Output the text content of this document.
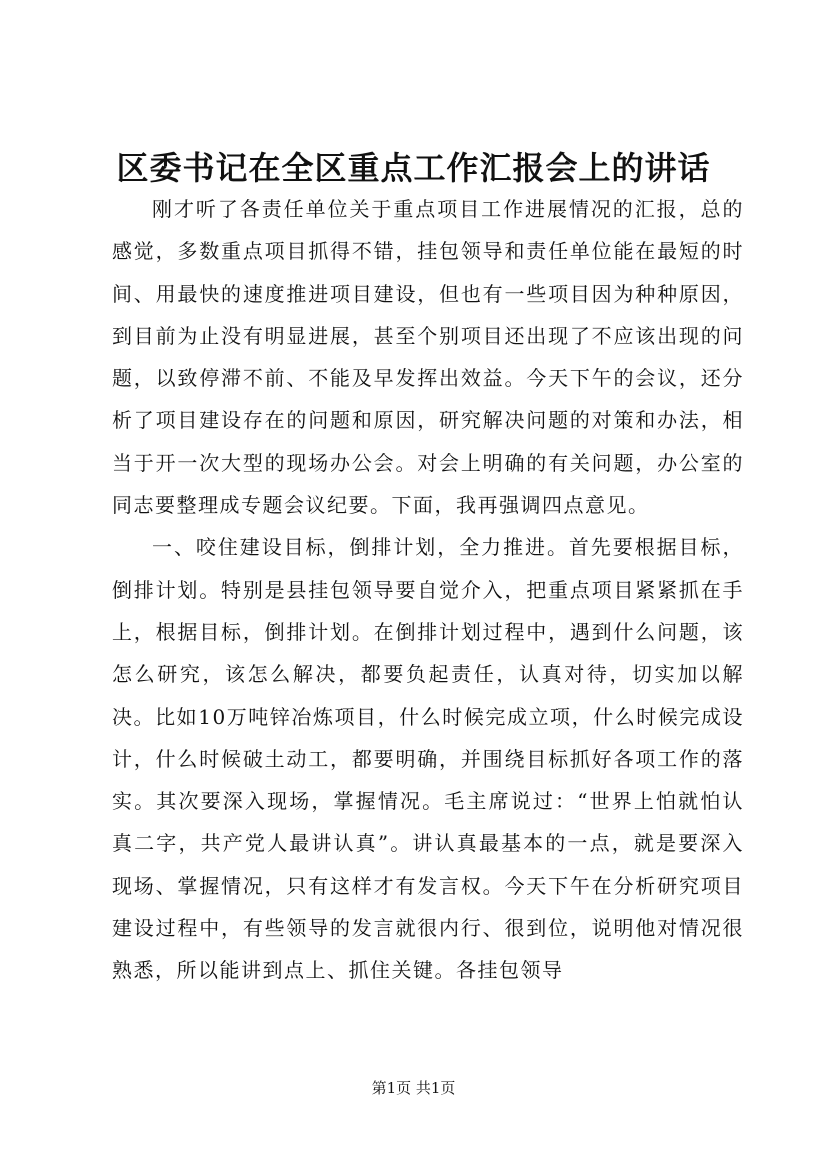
区委书记在全区重点工作汇报会上的讲话

刚才听了各责任单位关于重点项目工作进展情况的汇报，总的感觉，多数重点项目抓得不错，挂包领导和责任单位能在最短的时间、用最快的速度推进项目建设，但也有一些项目因为种种原因，到目前为止没有明显进展，甚至个别项目还出现了不应该出现的问题，以致停滞不前、不能及早发挥出效益。今天下午的会议，还分析了项目建设存在的问题和原因，研究解决问题的对策和办法，相当于开一次大型的现场办公会。对会上明确的有关问题，办公室的同志要整理成专题会议纪要。下面，我再强调四点意见。

一、咬住建设目标，倒排计划，全力推进。首先要根据目标，倒排计划。特别是县挂包领导要自觉介入，把重点项目紧紧抓在手上，根据目标，倒排计划。在倒排计划过程中，遇到什么问题，该怎么研究，该怎么解决，都要负起责任，认真对待，切实加以解决。比如10万吨锌冶炼项目，什么时候完成立项，什么时候完成设计，什么时候破土动工，都要明确，并围绕目标抓好各项工作的落实。其次要深入现场，掌握情况。毛主席说过：“世界上怕就怕认真二字，共产党人最讲认真”。讲认真最基本的一点，就是要深入现场、掌握情况，只有这样才有发言权。今天下午在分析研究项目建设过程中，有些领导的发言就很内行、很到位，说明他对情况很熟悉，所以能讲到点上、抓住关键。各挂包领导

第1页 共1页
